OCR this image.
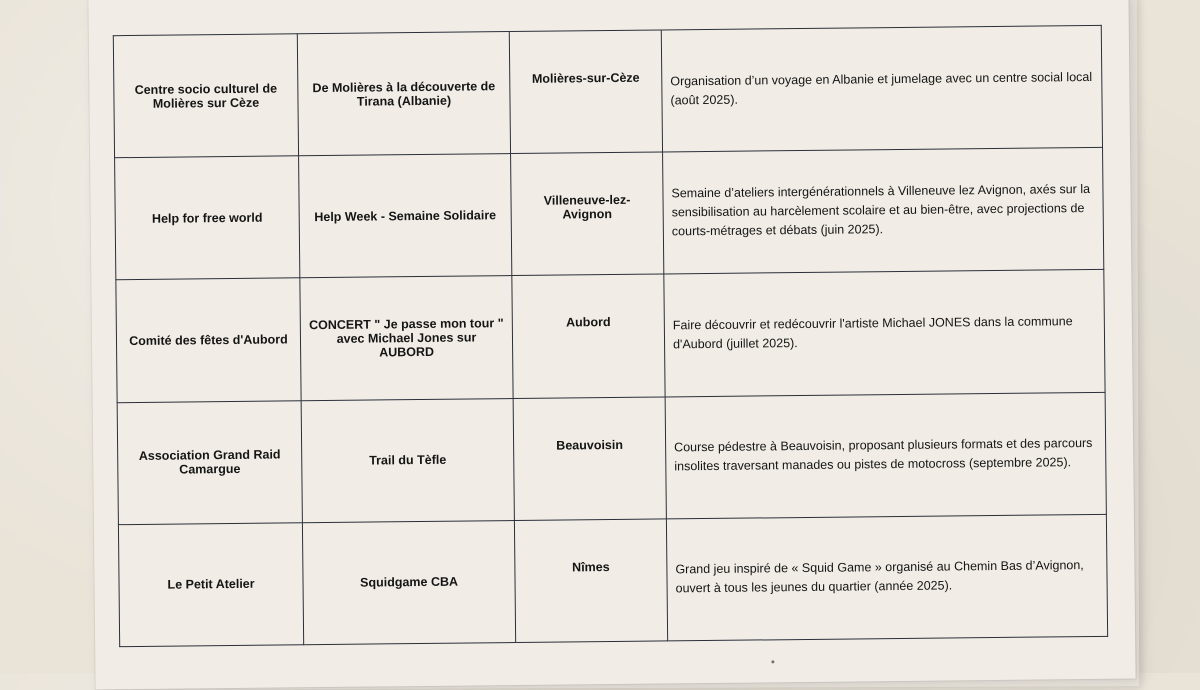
Centre socio culturel de Molières sur Cèze	De Molières à la découverte de Tirana (Albanie)	Molières-sur-Cèze	Organisation d’un voyage en Albanie et jumelage avec un centre social local (août 2025).
Help for free world	Help Week - Semaine Solidaire	Villeneuve-lez-Avignon	Semaine d’ateliers intergénérationnels à Villeneuve lez Avignon, axés sur la sensibilisation au harcèlement scolaire et au bien-être, avec projections de courts-métrages et débats (juin 2025).
Comité des fêtes d'Aubord	CONCERT " Je passe mon tour " avec Michael Jones sur AUBORD	Aubord	Faire découvrir et redécouvrir l'artiste Michael JONES dans la commune d'Aubord (juillet 2025).
Association Grand Raid Camargue	Trail du Tèfle	Beauvoisin	Course pédestre à Beauvoisin, proposant plusieurs formats et des parcours insolites traversant manades ou pistes de motocross (septembre 2025).
Le Petit Atelier	Squidgame CBA	Nîmes	Grand jeu inspiré de « Squid Game » organisé au Chemin Bas d’Avignon, ouvert à tous les jeunes du quartier (année 2025).
